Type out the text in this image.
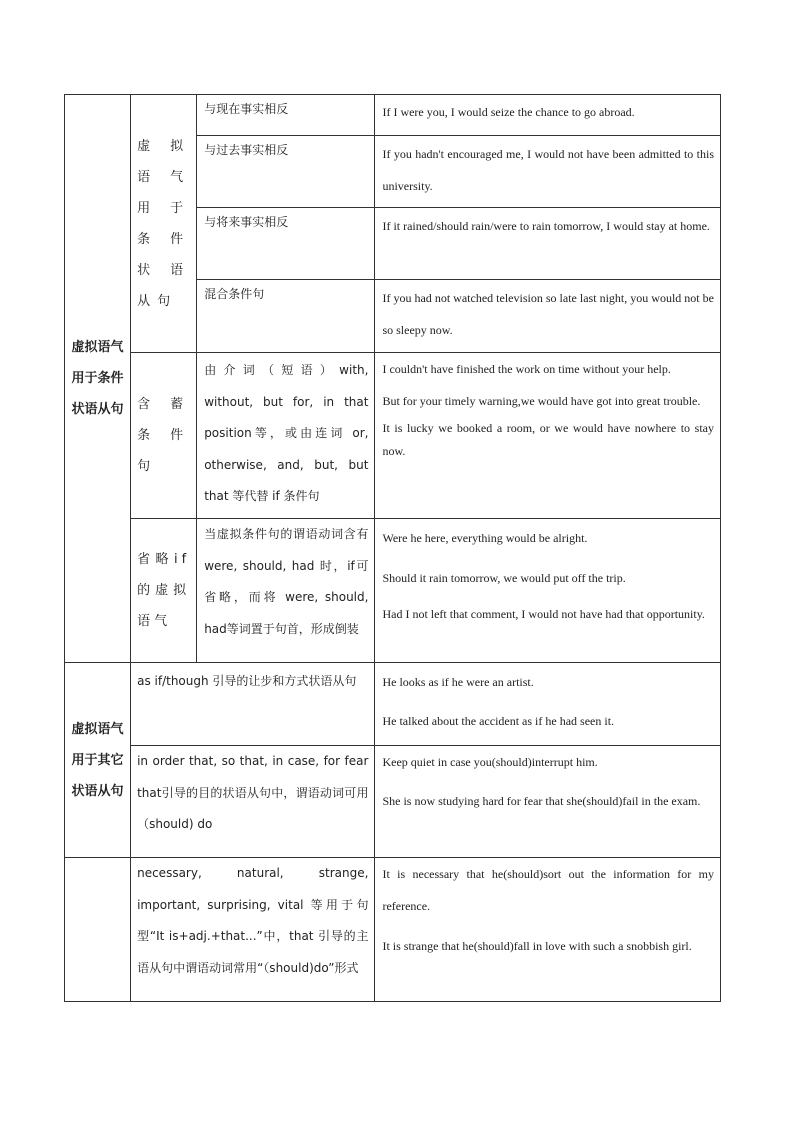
虚拟语气用于条件状语从句	虚拟语气用于条件状语从句	与现在事实相反	If I were you, I would seize the chance to go abroad.

		与过去事实相反	If you hadn't encouraged me, I would not have been admitted to this university.

		与将来事实相反	If it rained/should rain/were to rain tomorrow, I would stay at home.

		混合条件句	If you had not watched television so late last night, you would not be so sleepy now.

	含蓄条件句	由介词（短语）with, without, but for, in that position等，或由连词 or, otherwise, and, but, but that 等代替 if 条件句	I couldn't have finished the work on time without your help.

But for your timely warning,we would have got into great trouble.

It is lucky we booked a room, or we would have nowhere to stay now.

	省略if的虚拟语气	当虚拟条件句的谓语动词含有 were, should, had 时，if可省略，而将 were, should, had等词置于句首，形成倒装	Were he here, everything would be alright.

Should it rain tomorrow, we would put off the trip.

Had I not left that comment, I would not have had that opportunity.

虚拟语气用于其它状语从句	as if/though 引导的让步和方式状语从句		He looks as if he were an artist.

He talked about the accident as if he had seen it.

	in order that, so that, in case, for fear that引导的目的状语从句中，谓语动词可用（should) do		Keep quiet in case you(should)interrupt him.

She is now studying hard for fear that she(should)fail in the exam.

	necessary, natural, strange, important, surprising, vital 等用于句型“It is+adj.+that...”中，that 引导的主语从句中谓语动词常用“（should)do”形式		It is necessary that he(should)sort out the information for my reference.

It is strange that he(should)fall in love with such a snobbish girl.
